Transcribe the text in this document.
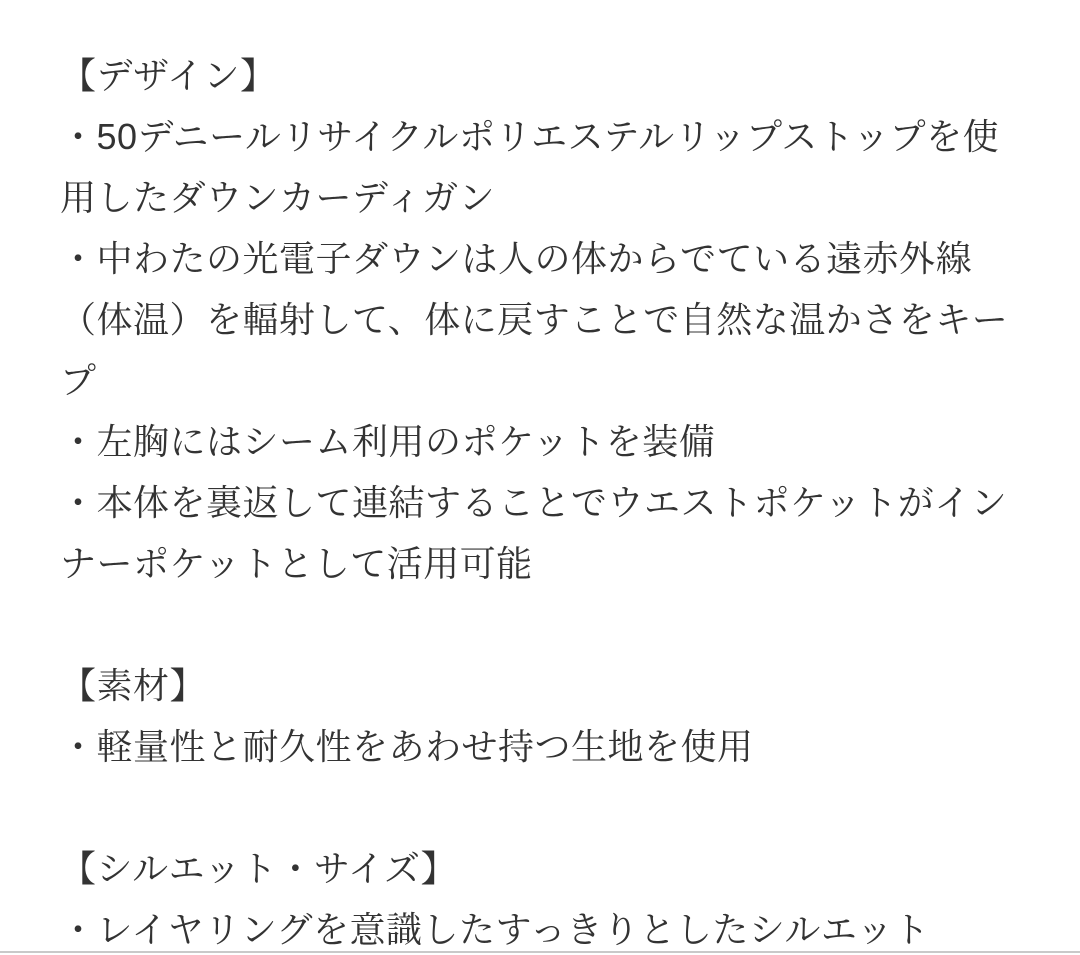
【デザイン】

・50デニールリサイクルポリエステルリップストップを使用したダウンカーディガン

・中わたの光電子ダウンは人の体からでている遠赤外線（体温）を輻射して、体に戻すことで自然な温かさをキープ

・左胸にはシーム利用のポケットを装備

・本体を裏返して連結することでウエストポケットがインナーポケットとして活用可能

【素材】

・軽量性と耐久性をあわせ持つ生地を使用

【シルエット・サイズ】

・レイヤリングを意識したすっきりとしたシルエット
